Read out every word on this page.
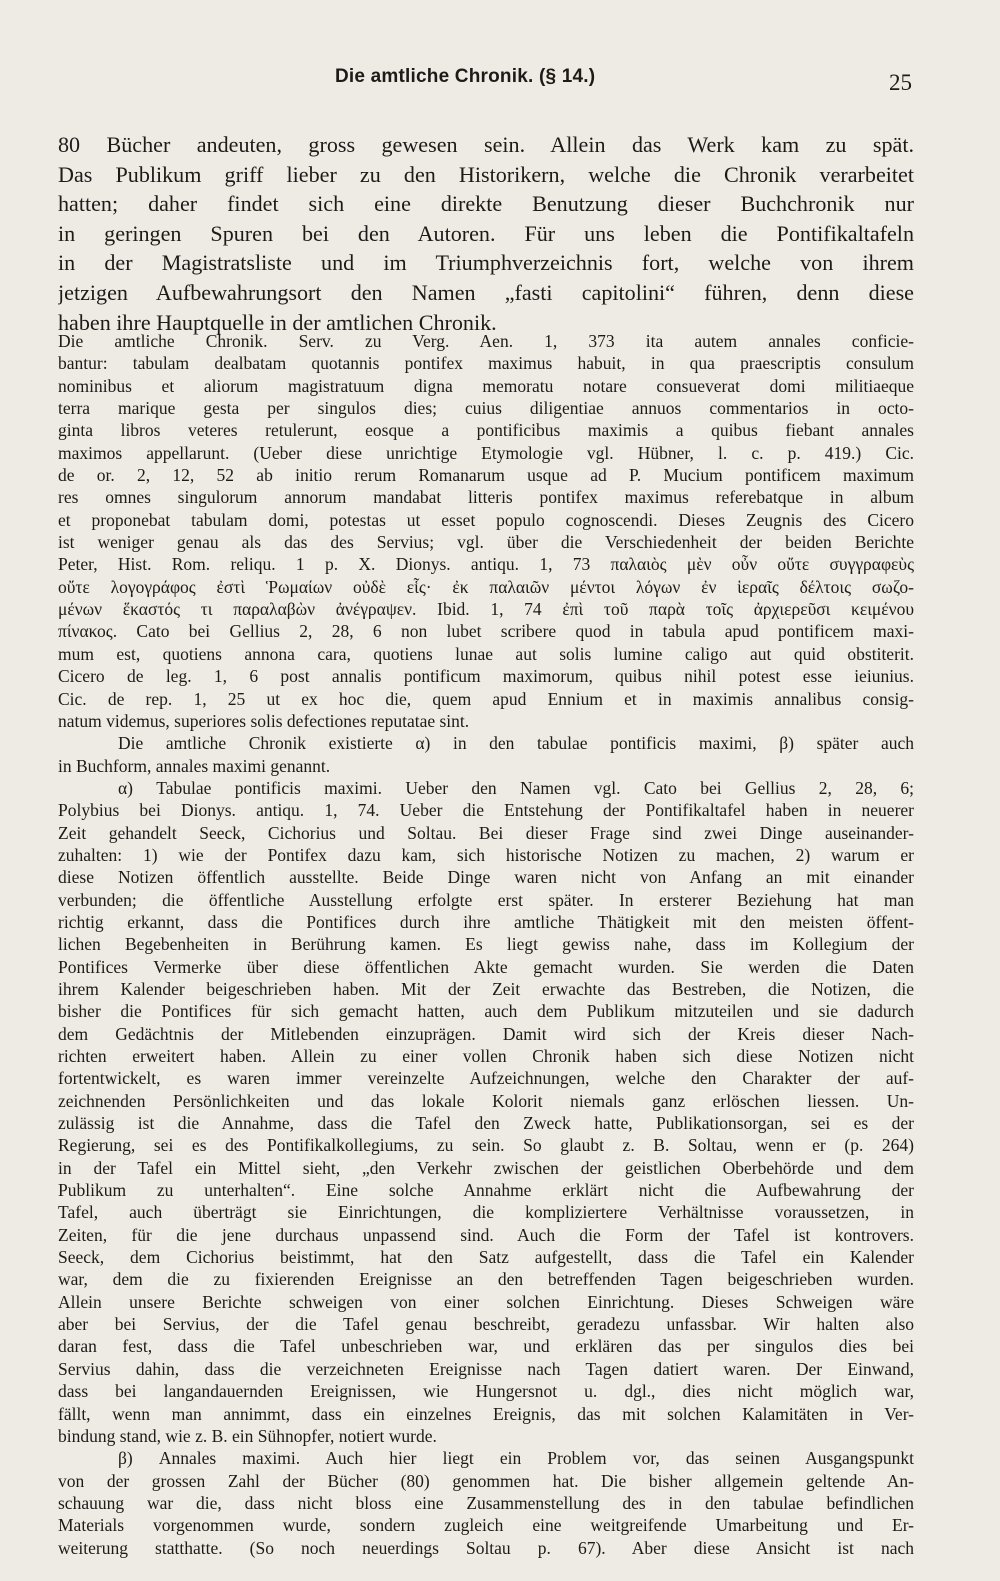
Die amtliche Chronik. (§ 14.)	25
80 Bücher andeuten, gross gewesen sein. Allein das Werk kam zu spät.
Das Publikum griff lieber zu den Historikern, welche die Chronik verarbeitet
hatten; daher findet sich eine direkte Benutzung dieser Buchchronik nur
in geringen Spuren bei den Autoren. Für uns leben die Pontifikaltafeln
in der Magistratsliste und im Triumphverzeichnis fort, welche von ihrem
jetzigen Aufbewahrungsort den Namen „fasti capitolini“ führen, denn diese
haben ihre Hauptquelle in der amtlichen Chronik.
Die amtliche Chronik. Serv. zu Verg. Aen. 1, 373 ita autem annales conficie-
bantur: tabulam dealbatam quotannis pontifex maximus habuit, in qua praescriptis consulum
nominibus et aliorum magistratuum digna memoratu notare consueverat domi militiaeque
terra marique gesta per singulos dies; cuius diligentiae annuos commentarios in octo-
ginta libros veteres retulerunt, eosque a pontificibus maximis a quibus fiebant annales
maximos appellarunt. (Ueber diese unrichtige Etymologie vgl. Hübner, l. c. p. 419.) Cic.
de or. 2, 12, 52 ab initio rerum Romanarum usque ad P. Mucium pontificem maximum
res omnes singulorum annorum mandabat litteris pontifex maximus referebatque in album
et proponebat tabulam domi, potestas ut esset populo cognoscendi. Dieses Zeugnis des Cicero
ist weniger genau als das des Servius; vgl. über die Verschiedenheit der beiden Berichte
Peter, Hist. Rom. reliqu. 1 p. X. Dionys. antiqu. 1, 73 παλαιὸς μὲν οὖν οὔτε συγγραφεὺς
οὔτε λογογράφος ἐστὶ Ῥωμαίων οὐδὲ εἷς· ἐκ παλαιῶν μέντοι λόγων ἐν ἱεραῖς δέλτοις σωζο-
μένων ἕκαστός τι παραλαβὼν ἀνέγραψεν. Ibid. 1, 74 ἐπὶ τοῦ παρὰ τοῖς ἀρχιερεῦσι κειμένου
πίνακος. Cato bei Gellius 2, 28, 6 non lubet scribere quod in tabula apud pontificem maxi-
mum est, quotiens annona cara, quotiens lunae aut solis lumine caligo aut quid obstiterit.
Cicero de leg. 1, 6 post annalis pontificum maximorum, quibus nihil potest esse ieiunius.
Cic. de rep. 1, 25 ut ex hoc die, quem apud Ennium et in maximis annalibus consig-
natum videmus, superiores solis defectiones reputatae sint.
Die amtliche Chronik existierte α) in den tabulae pontificis maximi, β) später auch
in Buchform, annales maximi genannt.
α) Tabulae pontificis maximi. Ueber den Namen vgl. Cato bei Gellius 2, 28, 6;
Polybius bei Dionys. antiqu. 1, 74. Ueber die Entstehung der Pontifikaltafel haben in neuerer
Zeit gehandelt Seeck, Cichorius und Soltau. Bei dieser Frage sind zwei Dinge auseinander-
zuhalten: 1) wie der Pontifex dazu kam, sich historische Notizen zu machen, 2) warum er
diese Notizen öffentlich ausstellte. Beide Dinge waren nicht von Anfang an mit einander
verbunden; die öffentliche Ausstellung erfolgte erst später. In ersterer Beziehung hat man
richtig erkannt, dass die Pontifices durch ihre amtliche Thätigkeit mit den meisten öffent-
lichen Begebenheiten in Berührung kamen. Es liegt gewiss nahe, dass im Kollegium der
Pontifices Vermerke über diese öffentlichen Akte gemacht wurden. Sie werden die Daten
ihrem Kalender beigeschrieben haben. Mit der Zeit erwachte das Bestreben, die Notizen, die
bisher die Pontifices für sich gemacht hatten, auch dem Publikum mitzuteilen und sie dadurch
dem Gedächtnis der Mitlebenden einzuprägen. Damit wird sich der Kreis dieser Nach-
richten erweitert haben. Allein zu einer vollen Chronik haben sich diese Notizen nicht
fortentwickelt, es waren immer vereinzelte Aufzeichnungen, welche den Charakter der auf-
zeichnenden Persönlichkeiten und das lokale Kolorit niemals ganz erlöschen liessen. Un-
zulässig ist die Annahme, dass die Tafel den Zweck hatte, Publikationsorgan, sei es der
Regierung, sei es des Pontifikalkollegiums, zu sein. So glaubt z. B. Soltau, wenn er (p. 264)
in der Tafel ein Mittel sieht, „den Verkehr zwischen der geistlichen Oberbehörde und dem
Publikum zu unterhalten“. Eine solche Annahme erklärt nicht die Aufbewahrung der
Tafel, auch überträgt sie Einrichtungen, die kompliziertere Verhältnisse voraussetzen, in
Zeiten, für die jene durchaus unpassend sind. Auch die Form der Tafel ist kontrovers.
Seeck, dem Cichorius beistimmt, hat den Satz aufgestellt, dass die Tafel ein Kalender
war, dem die zu fixierenden Ereignisse an den betreffenden Tagen beigeschrieben wurden.
Allein unsere Berichte schweigen von einer solchen Einrichtung. Dieses Schweigen wäre
aber bei Servius, der die Tafel genau beschreibt, geradezu unfassbar. Wir halten also
daran fest, dass die Tafel unbeschrieben war, und erklären das per singulos dies bei
Servius dahin, dass die verzeichneten Ereignisse nach Tagen datiert waren. Der Einwand,
dass bei langandauernden Ereignissen, wie Hungersnot u. dgl., dies nicht möglich war,
fällt, wenn man annimmt, dass ein einzelnes Ereignis, das mit solchen Kalamitäten in Ver-
bindung stand, wie z. B. ein Sühnopfer, notiert wurde.
β) Annales maximi. Auch hier liegt ein Problem vor, das seinen Ausgangspunkt
von der grossen Zahl der Bücher (80) genommen hat. Die bisher allgemein geltende An-
schauung war die, dass nicht bloss eine Zusammenstellung des in den tabulae befindlichen
Materials vorgenommen wurde, sondern zugleich eine weitgreifende Umarbeitung und Er-
weiterung statthatte. (So noch neuerdings Soltau p. 67). Aber diese Ansicht ist nach
